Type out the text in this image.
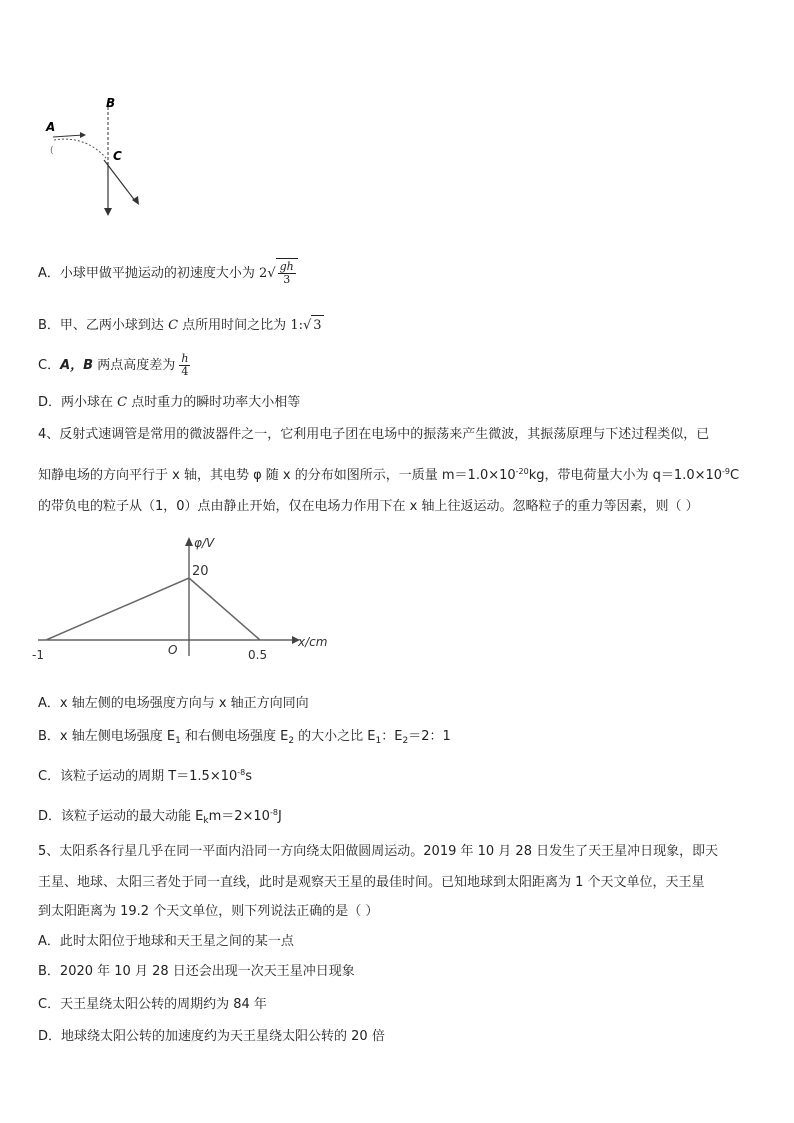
A
B
C
(
A．小球甲做平抛运动的初速度大小为 $2√ \frac{gh}{3}$
B．甲、乙两小球到达 C 点所用时间之比为 1:√ 3
C．A，B 两点高度差为 $\frac{h}{4}$
D．两小球在 C 点时重力的瞬时功率大小相等
4、反射式速调管是常用的微波器件之一，它利用电子团在电场中的振荡来产生微波，其振荡原理与下述过程类似，已
知静电场的方向平行于 x 轴，其电势 φ 随 x 的分布如图所示，一质量 $m=1.0\times 10^{-20}kg$，带电荷量大小为 $q=1.0\times 10^{-9}C$
的带负电的粒子从（1，0）点由静止开始，仅在电场力作用下在 x 轴上往返运动。忽略粒子的重力等因素，则（ ）
φ/V
x/cm
20
O
-1	0.5
A．x 轴左侧的电场强度方向与 x 轴正方向同向
B．x 轴左侧电场强度 $E_1$ 和右侧电场强度 $E_2$ 的大小之比 $E_1$：$E_2=2$：1
C．该粒子运动的周期 $T=1.5\times 10^{-8}s$
D．该粒子运动的最大动能 $E_km=2\times 10^{-8}J$
5、太阳系各行星几乎在同一平面内沿同一方向绕太阳做圆周运动。2019 年 10 月 28 日发生了天王星冲日现象，即天
王星、地球、太阳三者处于同一直线，此时是观察天王星的最佳时间。已知地球到太阳距离为 1 个天文单位，天王星
到太阳距离为 19.2 个天文单位，则下列说法正确的是（ ）
A．此时太阳位于地球和天王星之间的某一点
B．2020 年 10 月 28 日还会出现一次天王星冲日现象
C．天王星绕太阳公转的周期约为 84 年
D．地球绕太阳公转的加速度约为天王星绕太阳公转的 20 倍
